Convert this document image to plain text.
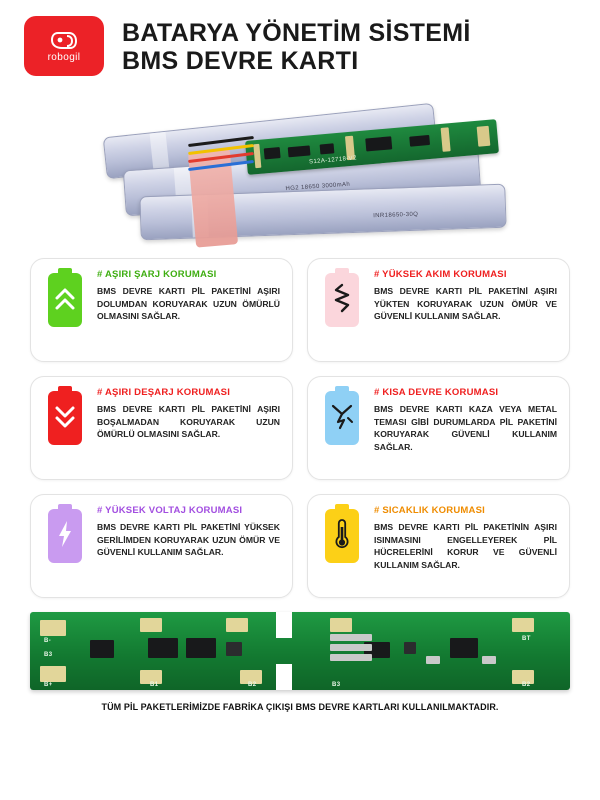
robogil
BATARYA YÖNETİM SİSTEMİ
BMS DEVRE KARTI
HG2 18650 3000mAh
INR18650-30Q
S12A-12718-V2
# AŞIRI ŞARJ KORUMASI
BMS DEVRE KARTI PİL PAKETİNİ AŞIRI DOLUMDAN KORUYARAK UZUN ÖMÜRLÜ OLMASINI SAĞLAR.
# YÜKSEK AKIM KORUMASI
BMS DEVRE KARTI PİL PAKETİNİ AŞIRI YÜKTEN KORUYARAK UZUN ÖMÜR VE GÜVENLİ KULLANIM SAĞLAR.
# AŞIRI DEŞARJ KORUMASI
BMS DEVRE KARTI PİL PAKETİNİ AŞIRI BOŞALMADAN KORUYARAK UZUN ÖMÜRLÜ OLMASINI SAĞLAR.
# KISA DEVRE KORUMASI
BMS DEVRE KARTI KAZA VEYA METAL TEMASI GİBİ DURUMLARDA PİL PAKETİNİ KORUYARAK GÜVENLİ KULLANIM SAĞLAR.
# YÜKSEK VOLTAJ KORUMASI
BMS DEVRE KARTI PİL PAKETİNİ YÜKSEK GERİLİMDEN KORUYARAK UZUN ÖMÜR VE GÜVENLİ KULLANIM SAĞLAR.
# SICAKLIK KORUMASI
BMS DEVRE KARTI PİL PAKETİNİN AŞIRI ISINMASINI ENGELLEYEREK PİL HÜCRELERİNİ KORUR VE GÜVENLİ KULLANIM SAĞLAR.
B-
B3
B+	B1	B2	B3
BT
B2
TÜM PİL PAKETLERİMİZDE FABRİKA ÇIKIŞI BMS DEVRE KARTLARI KULLANILMAKTADIR.
